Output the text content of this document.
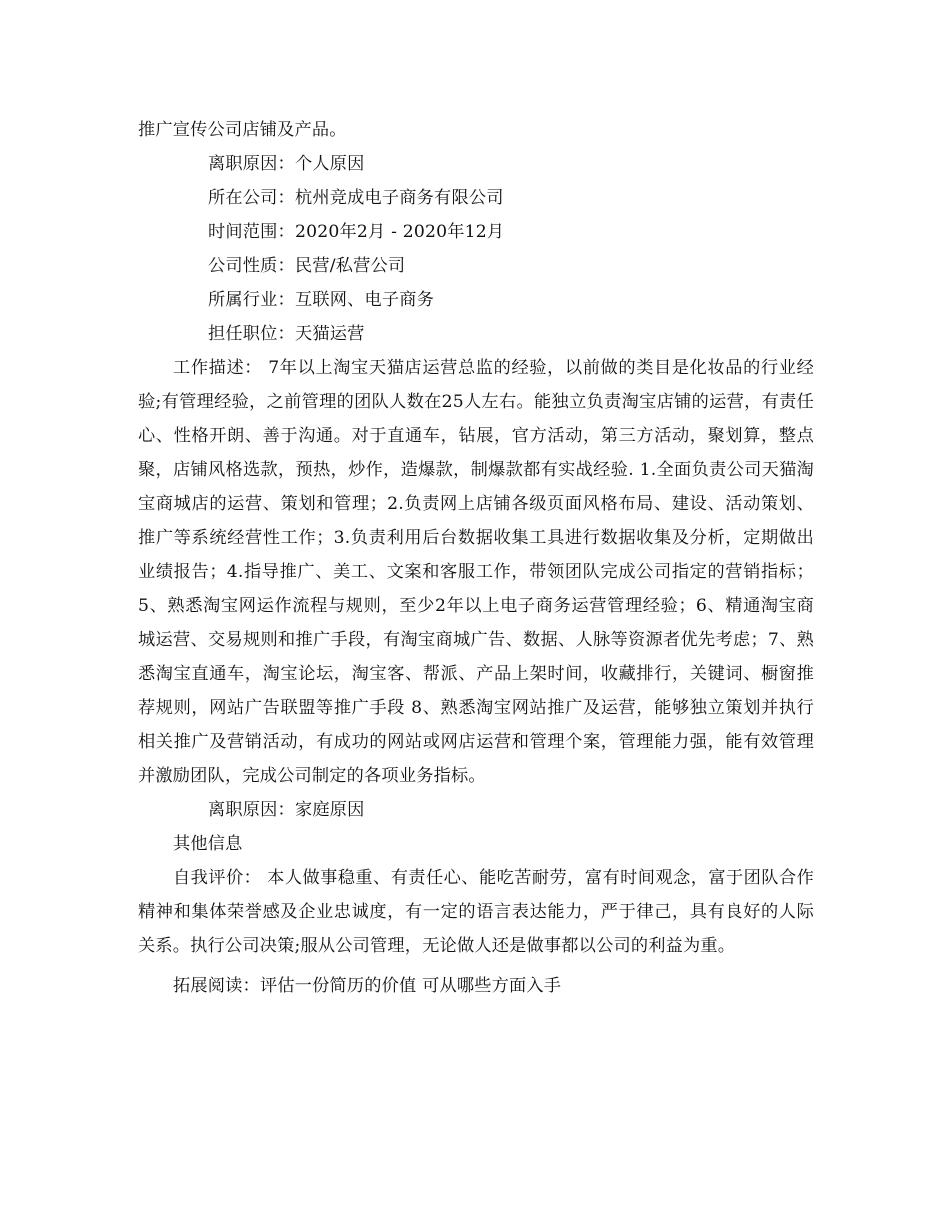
推广宣传公司店铺及产品。

离职原因：个人原因

所在公司：杭州竞成电子商务有限公司

时间范围：2020年2月 - 2020年12月

公司性质：民营/私营公司

所属行业：互联网、电子商务

担任职位：天猫运营

工作描述： 7年以上淘宝天猫店运营总监的经验，以前做的类目是化妆品的行业经验;有管理经验，之前管理的团队人数在25人左右。能独立负责淘宝店铺的运营，有责任心、性格开朗、善于沟通。对于直通车，钻展，官方活动，第三方活动，聚划算，整点聚，店铺风格选款，预热，炒作，造爆款，制爆款都有实战经验. 1.全面负责公司天猫淘宝商城店的运营、策划和管理；2.负责网上店铺各级页面风格布局、建设、活动策划、推广等系统经营性工作；3.负责利用后台数据收集工具进行数据收集及分析，定期做出业绩报告；4.指导推广、美工、文案和客服工作，带领团队完成公司指定的营销指标；5、熟悉淘宝网运作流程与规则，至少2年以上电子商务运营管理经验；6、精通淘宝商城运营、交易规则和推广手段，有淘宝商城广告、数据、人脉等资源者优先考虑；7、熟悉淘宝直通车，淘宝论坛，淘宝客、帮派、产品上架时间，收藏排行，关键词、橱窗推荐规则，网站广告联盟等推广手段 8、熟悉淘宝网站推广及运营，能够独立策划并执行相关推广及营销活动，有成功的网站或网店运营和管理个案，管理能力强，能有效管理并激励团队，完成公司制定的各项业务指标。

离职原因：家庭原因

其他信息

自我评价： 本人做事稳重、有责任心、能吃苦耐劳，富有时间观念，富于团队合作精神和集体荣誉感及企业忠诚度，有一定的语言表达能力，严于律己，具有良好的人际关系。执行公司决策;服从公司管理，无论做人还是做事都以公司的利益为重。

拓展阅读：评估一份简历的价值 可从哪些方面入手
